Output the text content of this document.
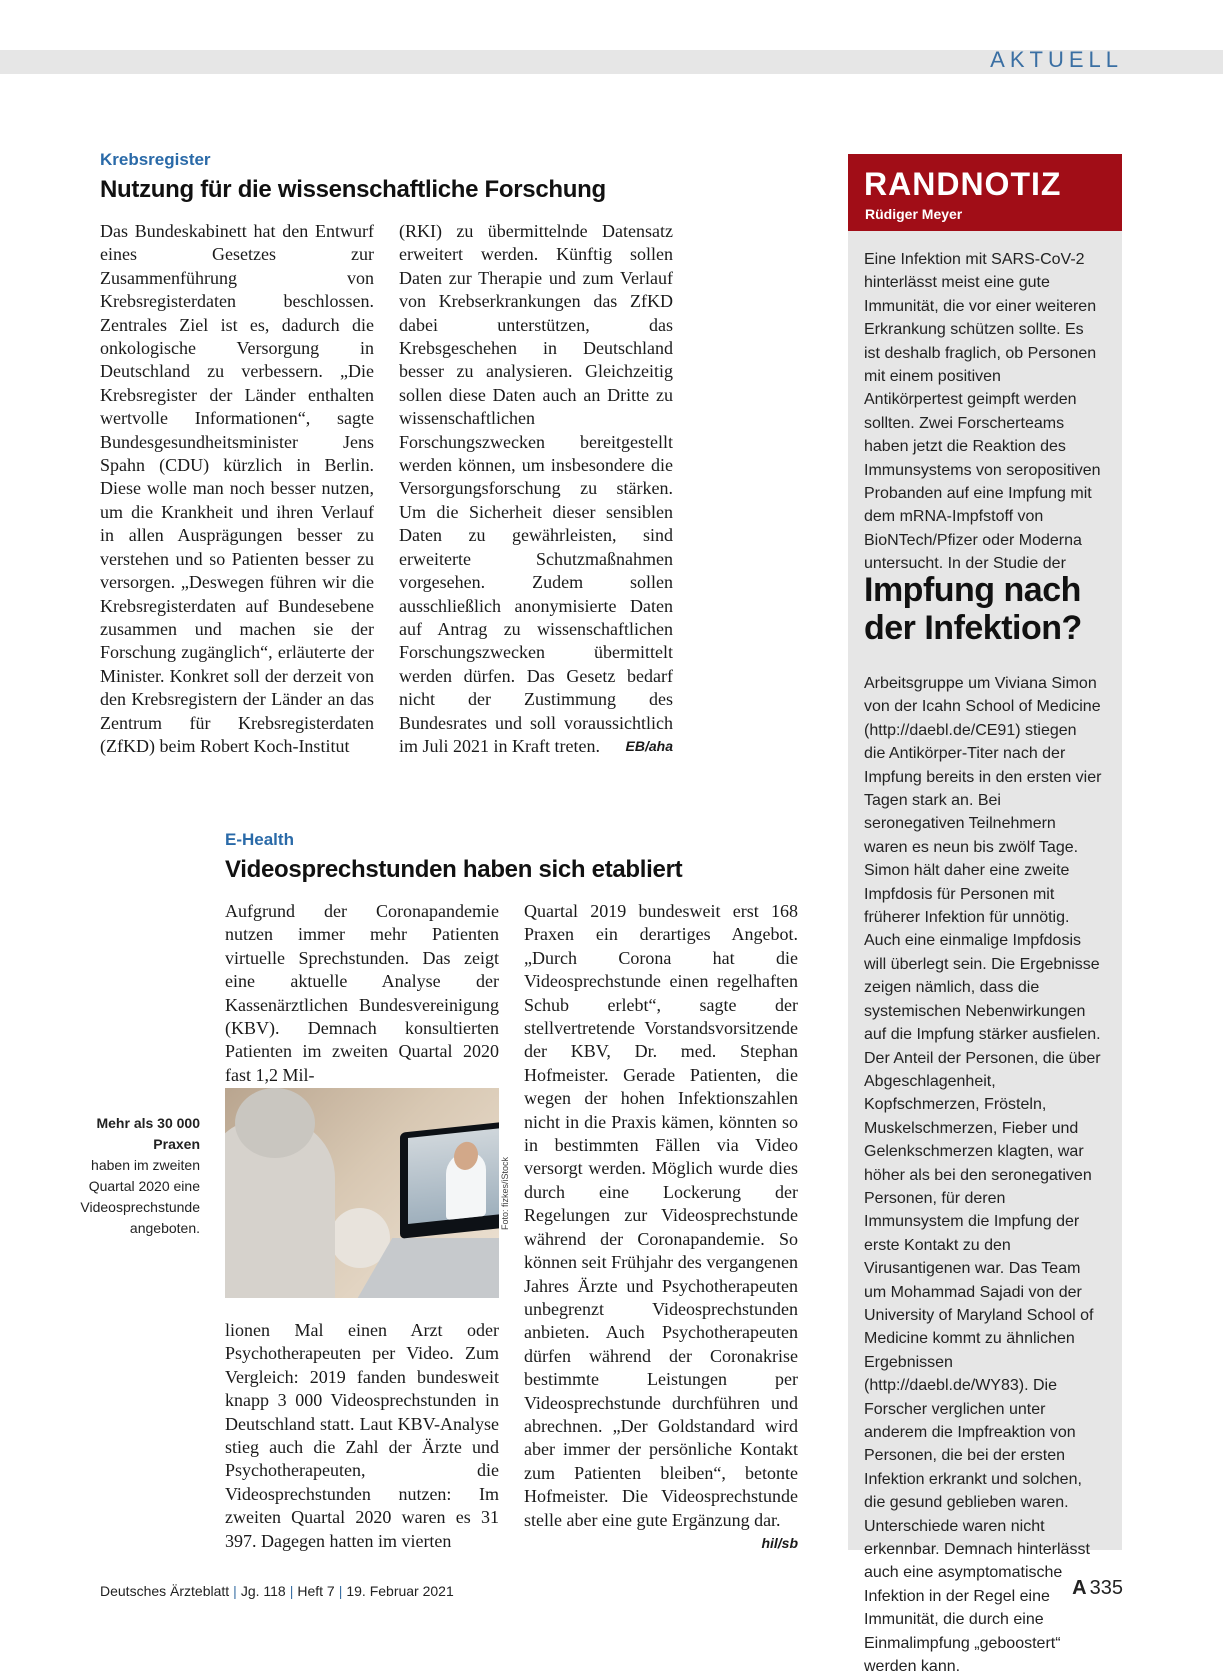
AKTUELL
Krebsregister
Nutzung für die wissenschaftliche Forschung

Das Bundeskabinett hat den Entwurf eines Gesetzes zur Zusammenführung von Krebsregisterdaten beschlossen. Zentrales Ziel ist es, dadurch die onkologische Versorgung in Deutschland zu verbessern. „Die Krebsregister der Länder enthalten wertvolle Informationen“, sagte Bundesgesundheitsminister Jens Spahn (CDU) kürzlich in Berlin. Diese wolle man noch besser nutzen, um die Krankheit und ihren Verlauf in allen Ausprägungen besser zu verstehen und so Patienten besser zu versorgen. „Deswegen führen wir die Krebsregisterdaten auf Bundesebene zusammen und machen sie der Forschung zugänglich“, erläuterte der Minister. Konkret soll der derzeit von den Krebsregistern der Länder an das Zentrum für Krebsregisterdaten (ZfKD) beim Robert Koch-Institut

(RKI) zu übermittelnde Datensatz erweitert werden. Künftig sollen Daten zur Therapie und zum Verlauf von Krebserkrankungen das ZfKD dabei unterstützen, das Krebsgeschehen in Deutschland besser zu analysieren. Gleichzeitig sollen diese Daten auch an Dritte zu wissenschaftlichen Forschungszwecken bereitgestellt werden können, um insbesondere die Versorgungsforschung zu stärken. Um die Sicherheit dieser sensiblen Daten zu gewährleisten, sind erweiterte Schutzmaßnahmen vorgesehen. Zudem sollen ausschließlich anonymisierte Daten auf Antrag zu wissenschaftlichen Forschungszwecken übermittelt werden dürfen. Das Gesetz bedarf nicht der Zustimmung des Bundesrates und soll voraussichtlich im Juli 2021 in Kraft treten. EB/aha

E-Health
Videosprechstunden haben sich etabliert

Aufgrund der Coronapandemie nutzen immer mehr Patienten virtuelle Sprechstunden. Das zeigt eine aktuelle Analyse der Kassenärztlichen Bundesvereinigung (KBV). Demnach konsultierten Patienten im zweiten Quartal 2020 fast 1,2 Mil-

Foto: fizkes/iStock
Mehr als 30 000 Praxen
haben im zweiten Quartal 2020 eine Videosprechstunde angeboten.

lionen Mal einen Arzt oder Psychotherapeuten per Video. Zum Vergleich: 2019 fanden bundesweit knapp 3 000 Videosprechstunden in Deutschland statt. Laut KBV-Analyse stieg auch die Zahl der Ärzte und Psychotherapeuten, die Videosprechstunden nutzen: Im zweiten Quartal 2020 waren es 31 397. Dagegen hatten im vierten

Quartal 2019 bundesweit erst 168 Praxen ein derartiges Angebot. „Durch Corona hat die Videosprechstunde einen regelhaften Schub erlebt“, sagte der stellvertretende Vorstandsvorsitzende der KBV, Dr. med. Stephan Hofmeister. Gerade Patienten, die wegen der hohen Infektionszahlen nicht in die Praxis kämen, könnten so in bestimmten Fällen via Video versorgt werden. Möglich wurde dies durch eine Lockerung der Regelungen zur Videosprechstunde während der Coronapandemie. So können seit Frühjahr des vergangenen Jahres Ärzte und Psychotherapeuten unbegrenzt Videosprechstunden anbieten. Auch Psychotherapeuten dürfen während der Coronakrise bestimmte Leistungen per Videosprechstunde durchführen und abrechnen. „Der Goldstandard wird aber immer der persönliche Kontakt zum Patienten bleiben“, betonte Hofmeister. Die Videosprechstunde stelle aber eine gute Ergänzung dar.
hil/sb

RANDNOTIZ
Rüdiger Meyer

Eine Infektion mit SARS-CoV-2 hinterlässt meist eine gute Immunität, die vor einer weiteren Erkrankung schützen sollte. Es ist deshalb fraglich, ob Personen mit einem positiven Antikörpertest geimpft werden sollten. Zwei Forscherteams haben jetzt die Reaktion des Immunsystems von seropositiven Probanden auf eine Impfung mit dem mRNA-Impfstoff von BioNTech/Pfizer oder Moderna untersucht. In der Studie der

Impfung nach der Infektion?

Arbeitsgruppe um Viviana Simon von der Icahn School of Medicine (http://daebl.de/CE91) stiegen die Antikörper-Titer nach der Impfung bereits in den ersten vier Tagen stark an. Bei seronegativen Teilnehmern waren es neun bis zwölf Tage. Simon hält daher eine zweite Impfdosis für Personen mit früherer Infektion für unnötig. Auch eine einmalige Impfdosis will überlegt sein. Die Ergebnisse zeigen nämlich, dass die systemischen Nebenwirkungen auf die Impfung stärker ausfielen. Der Anteil der Personen, die über Abgeschlagenheit, Kopfschmerzen, Frösteln, Muskelschmerzen, Fieber und Gelenkschmerzen klagten, war höher als bei den seronegativen Personen, für deren Immunsystem die Impfung der erste Kontakt zu den Virusantigenen war. Das Team um Mohammad Sajadi von der University of Maryland School of Medicine kommt zu ähnlichen Ergebnissen (http://daebl.de/WY83). Die Forscher verglichen unter anderem die Impfreaktion von Personen, die bei der ersten Infektion erkrankt und solchen, die gesund geblieben waren. Unterschiede waren nicht erkennbar. Demnach hinterlässt auch eine asymptomatische Infektion in der Regel eine Immunität, die durch eine Einmalimpfung „geboostert“ werden kann.

Deutsches Ärzteblatt | Jg. 118 | Heft 7 | 19. Februar 2021	A 335
